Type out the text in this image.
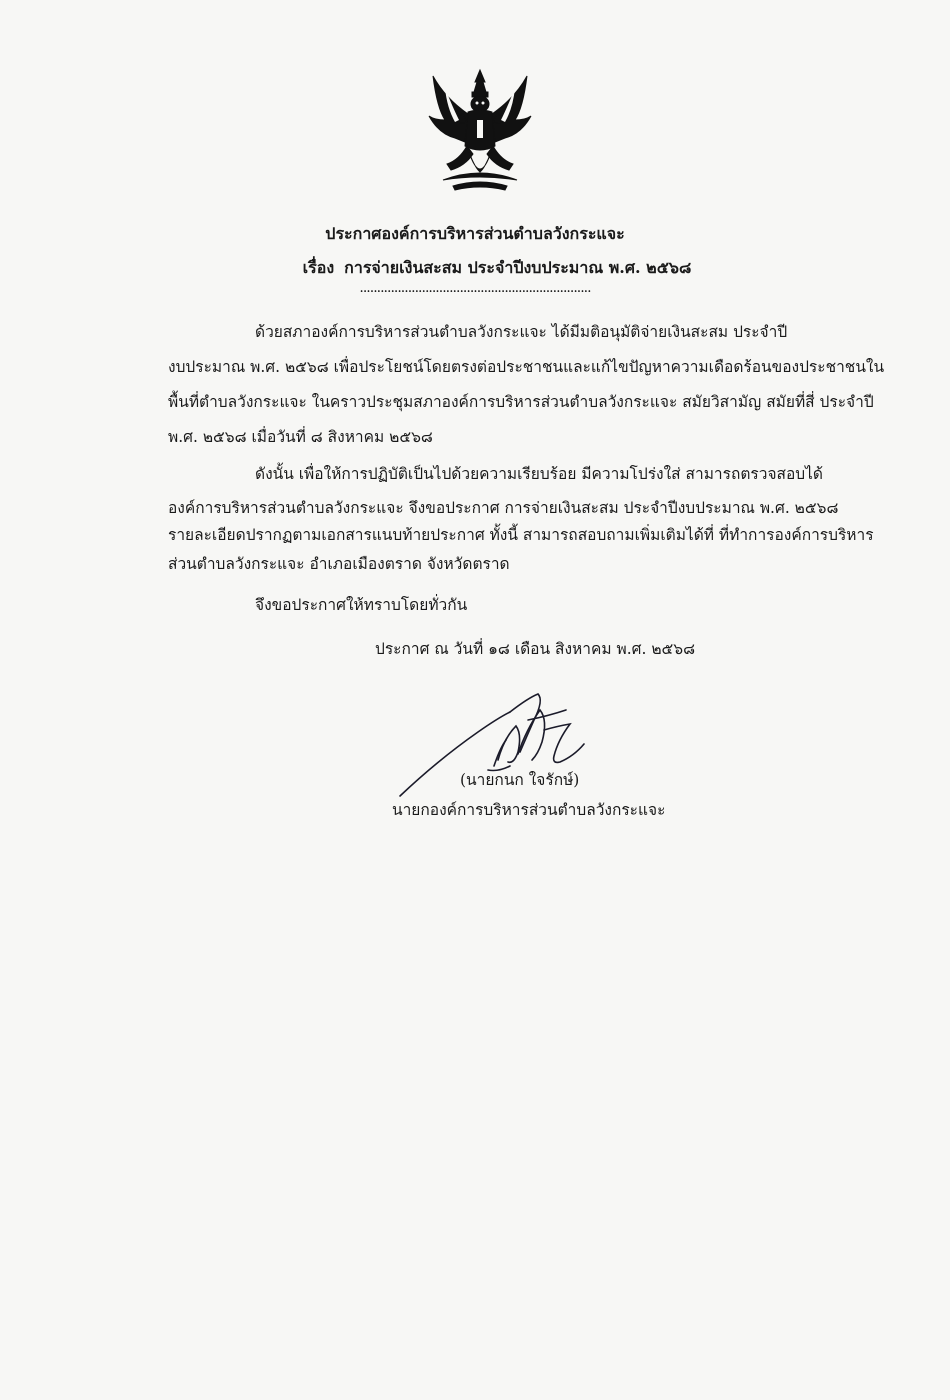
ประกาศองค์การบริหารส่วนตำบลวังกระแจะ
เรื่อง การจ่ายเงินสะสม ประจำปีงบประมาณ พ.ศ. ๒๕๖๘
...................................................................
ด้วยสภาองค์การบริหารส่วนตำบลวังกระแจะ ได้มีมติอนุมัติจ่ายเงินสะสม ประจำปี
งบประมาณ พ.ศ. ๒๕๖๘ เพื่อประโยชน์โดยตรงต่อประชาชนและแก้ไขปัญหาความเดือดร้อนของประชาชนใน
พื้นที่ตำบลวังกระแจะ ในคราวประชุมสภาองค์การบริหารส่วนตำบลวังกระแจะ สมัยวิสามัญ สมัยที่สี่ ประจำปี
พ.ศ. ๒๕๖๘ เมื่อวันที่ ๘ สิงหาคม ๒๕๖๘
ดังนั้น เพื่อให้การปฏิบัติเป็นไปด้วยความเรียบร้อย มีความโปร่งใส่ สามารถตรวจสอบได้
องค์การบริหารส่วนตำบลวังกระแจะ จึงขอประกาศ การจ่ายเงินสะสม ประจำปีงบประมาณ พ.ศ. ๒๕๖๘
รายละเอียดปรากฏตามเอกสารแนบท้ายประกาศ ทั้งนี้ สามารถสอบถามเพิ่มเติมได้ที่ ที่ทำการองค์การบริหาร
ส่วนตำบลวังกระแจะ อำเภอเมืองตราด จังหวัดตราด
จึงขอประกาศให้ทราบโดยทั่วกัน
ประกาศ ณ วันที่ ๑๘ เดือน สิงหาคม พ.ศ. ๒๕๖๘
(นายกนก ใจรักษ์)
นายกองค์การบริหารส่วนตำบลวังกระแจะ
